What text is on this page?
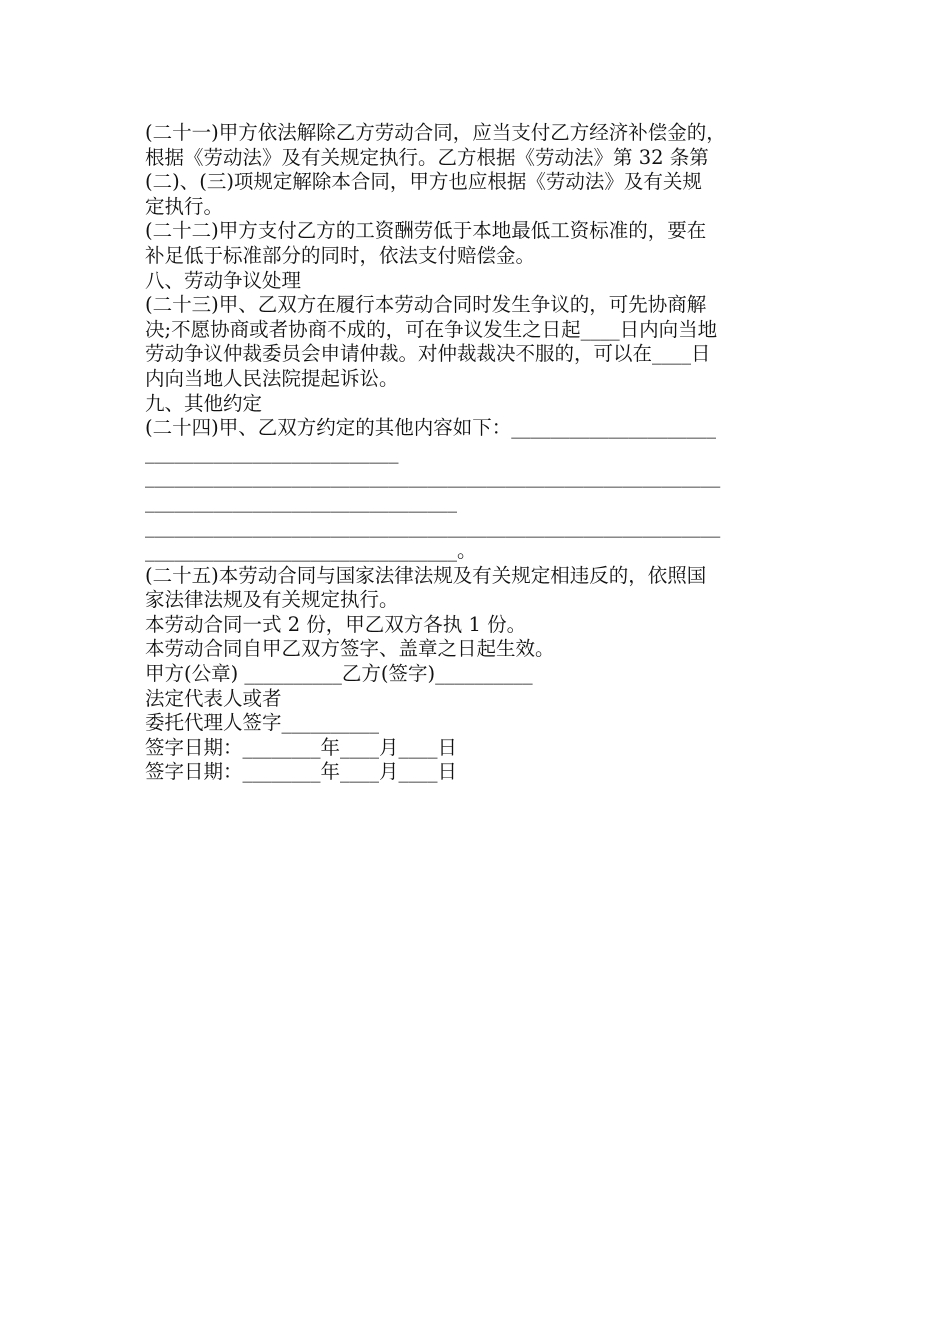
(二十一)甲方依法解除乙方劳动合同，应当支付乙方经济补偿金的，
根据《劳动法》及有关规定执行。乙方根据《劳动法》第 32 条第
(二)、(三)项规定解除本合同，甲方也应根据《劳动法》及有关规
定执行。
(二十二)甲方支付乙方的工资酬劳低于本地最低工资标准的，要在
补足低于标准部分的同时，依法支付赔偿金。
八、劳动争议处理
(二十三)甲、乙双方在履行本劳动合同时发生争议的，可先协商解
决;不愿协商或者协商不成的，可在争议发生之日起____日内向当地
劳动争议仲裁委员会申请仲裁。对仲裁裁决不服的，可以在____日
内向当地人民法院提起诉讼。
九、其他约定
(二十四)甲、乙双方约定的其他内容如下：_____________________
__________________________
___________________________________________________________
________________________________
___________________________________________________________
________________________________。
(二十五)本劳动合同与国家法律法规及有关规定相违反的，依照国
家法律法规及有关规定执行。
本劳动合同一式 2 份，甲乙双方各执 1 份。
本劳动合同自甲乙双方签字、盖章之日起生效。
甲方(公章) __________乙方(签字)__________
法定代表人或者
委托代理人签字__________
签字日期：________年____月____日
签字日期：________年____月____日
